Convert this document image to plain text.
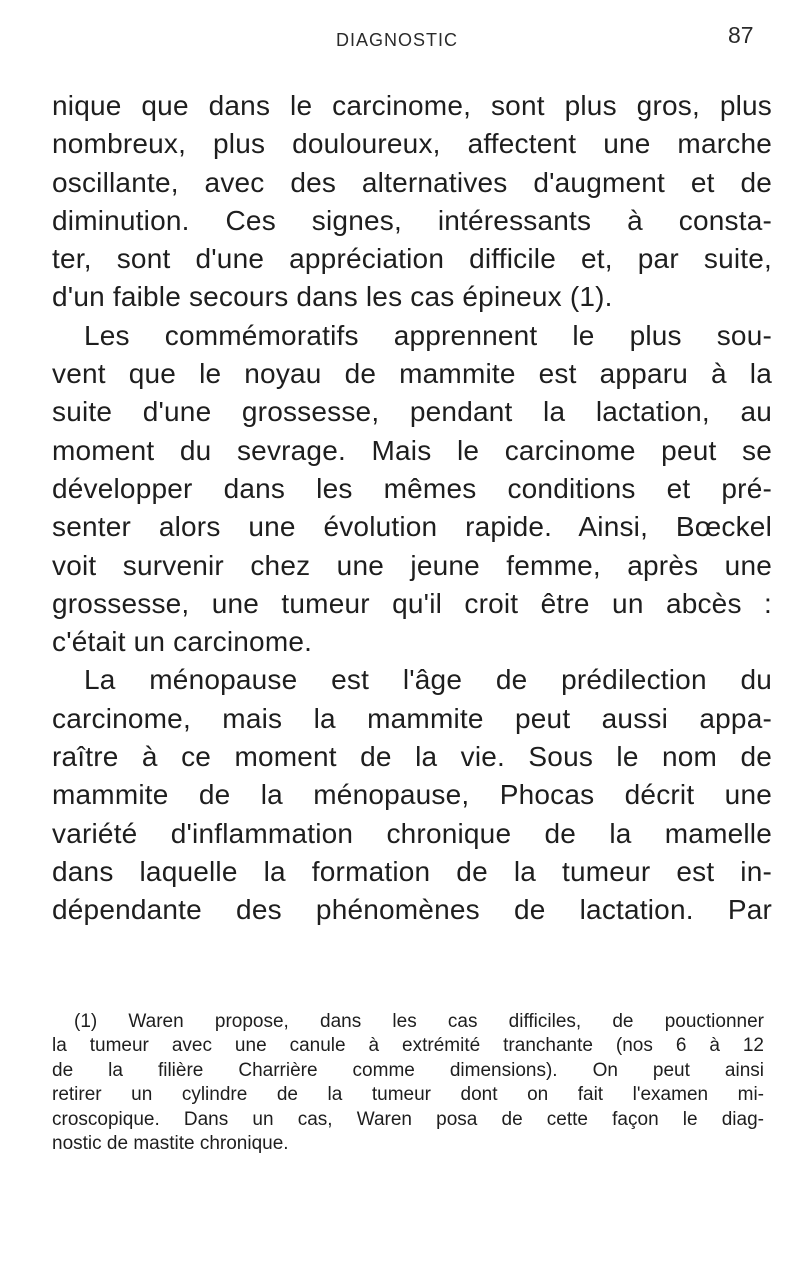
DIAGNOSTIC	87
nique que dans le carcinome, sont plus gros, plus
nombreux, plus douloureux, affectent une marche
oscillante, avec des alternatives d'augment et de
diminution. Ces signes, intéressants à consta-
ter, sont d'une appréciation difficile et, par suite,
d'un faible secours dans les cas épineux (1).
Les commémoratifs apprennent le plus sou-
vent que le noyau de mammite est apparu à la
suite d'une grossesse, pendant la lactation, au
moment du sevrage. Mais le carcinome peut se
développer dans les mêmes conditions et pré-
senter alors une évolution rapide. Ainsi, Bœckel
voit survenir chez une jeune femme, après une
grossesse, une tumeur qu'il croit être un abcès :
c'était un carcinome.
La ménopause est l'âge de prédilection du
carcinome, mais la mammite peut aussi appa-
raître à ce moment de la vie. Sous le nom de
mammite de la ménopause, Phocas décrit une
variété d'inflammation chronique de la mamelle
dans laquelle la formation de la tumeur est in-
dépendante des phénomènes de lactation. Par
(1) Waren propose, dans les cas difficiles, de pouctionner
la tumeur avec une canule à extrémité tranchante (nos 6 à 12
de la filière Charrière comme dimensions). On peut ainsi
retirer un cylindre de la tumeur dont on fait l'examen mi-
croscopique. Dans un cas, Waren posa de cette façon le diag-
nostic de mastite chronique.
